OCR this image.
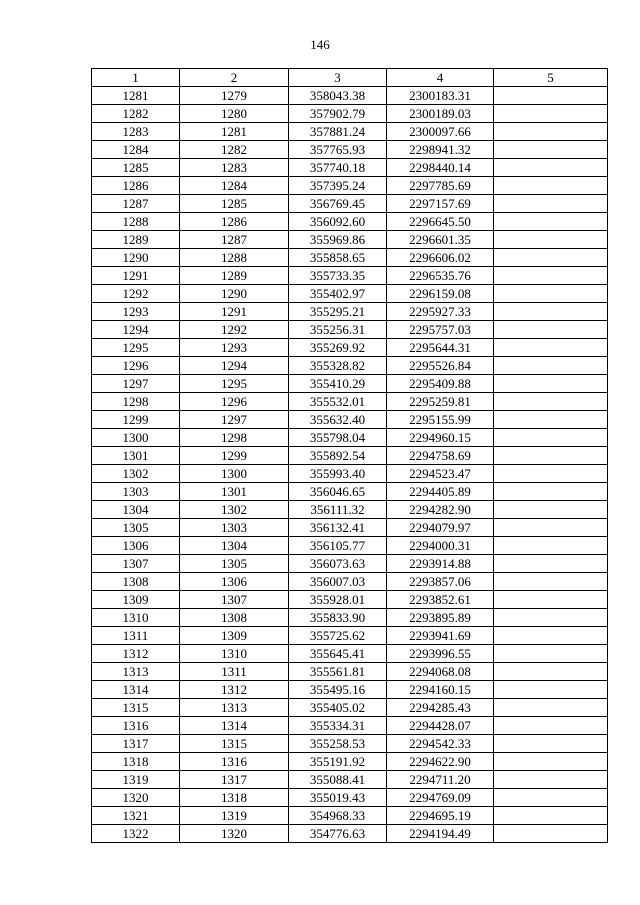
146
1	2	3	4	5
1281	1279	358043.38	2300183.31	
1282	1280	357902.79	2300189.03	
1283	1281	357881.24	2300097.66	
1284	1282	357765.93	2298941.32	
1285	1283	357740.18	2298440.14	
1286	1284	357395.24	2297785.69	
1287	1285	356769.45	2297157.69	
1288	1286	356092.60	2296645.50	
1289	1287	355969.86	2296601.35	
1290	1288	355858.65	2296606.02	
1291	1289	355733.35	2296535.76	
1292	1290	355402.97	2296159.08	
1293	1291	355295.21	2295927.33	
1294	1292	355256.31	2295757.03	
1295	1293	355269.92	2295644.31	
1296	1294	355328.82	2295526.84	
1297	1295	355410.29	2295409.88	
1298	1296	355532.01	2295259.81	
1299	1297	355632.40	2295155.99	
1300	1298	355798.04	2294960.15	
1301	1299	355892.54	2294758.69	
1302	1300	355993.40	2294523.47	
1303	1301	356046.65	2294405.89	
1304	1302	356111.32	2294282.90	
1305	1303	356132.41	2294079.97	
1306	1304	356105.77	2294000.31	
1307	1305	356073.63	2293914.88	
1308	1306	356007.03	2293857.06	
1309	1307	355928.01	2293852.61	
1310	1308	355833.90	2293895.89	
1311	1309	355725.62	2293941.69	
1312	1310	355645.41	2293996.55	
1313	1311	355561.81	2294068.08	
1314	1312	355495.16	2294160.15	
1315	1313	355405.02	2294285.43	
1316	1314	355334.31	2294428.07	
1317	1315	355258.53	2294542.33	
1318	1316	355191.92	2294622.90	
1319	1317	355088.41	2294711.20	
1320	1318	355019.43	2294769.09	
1321	1319	354968.33	2294695.19	
1322	1320	354776.63	2294194.49	
